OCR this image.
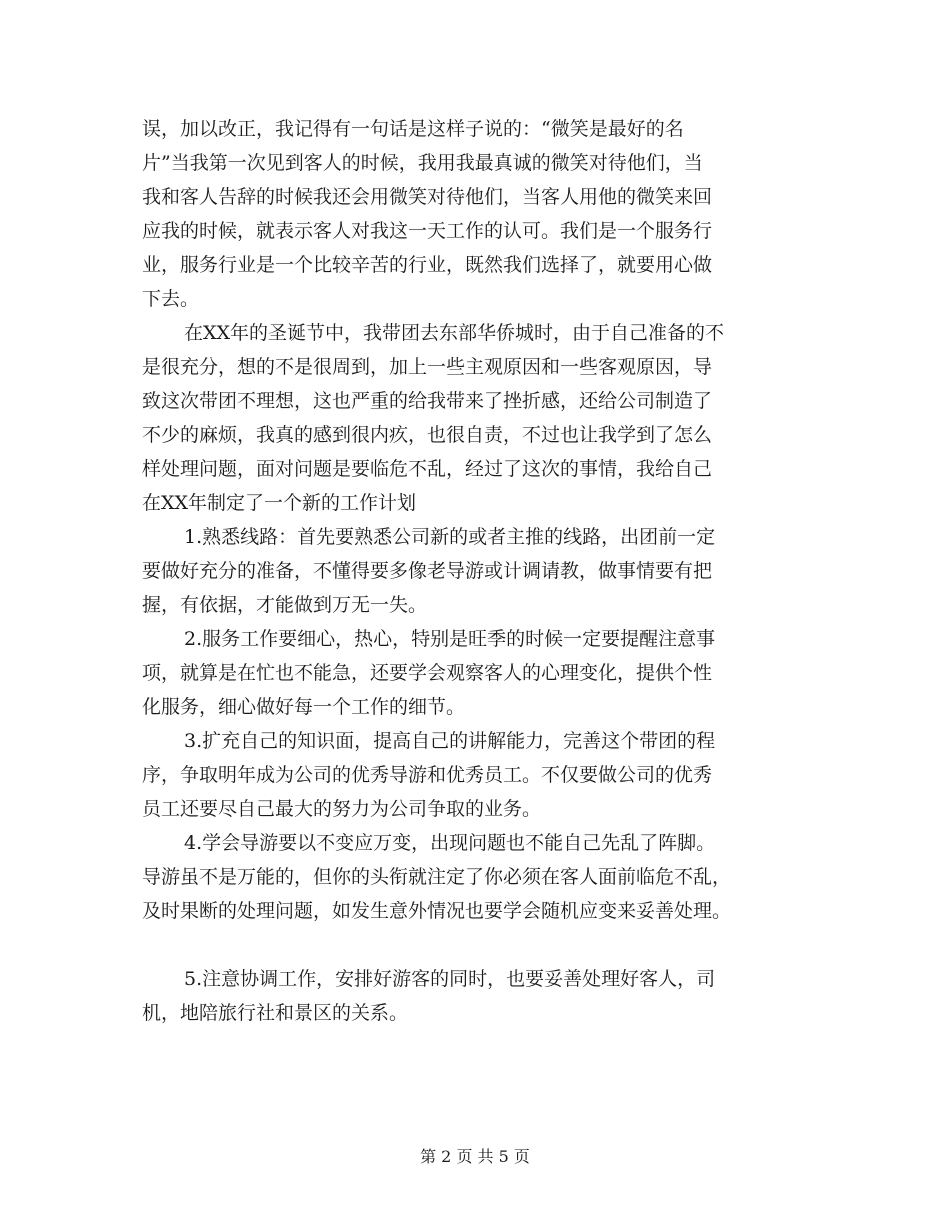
误，加以改正，我记得有一句话是这样子说的：“微笑是最好的名

片”当我第一次见到客人的时候，我用我最真诚的微笑对待他们，当

我和客人告辞的时候我还会用微笑对待他们，当客人用他的微笑来回

应我的时候，就表示客人对我这一天工作的认可。我们是一个服务行

业，服务行业是一个比较辛苦的行业，既然我们选择了，就要用心做

下去。

在XX年的圣诞节中，我带团去东部华侨城时，由于自己准备的不

是很充分，想的不是很周到，加上一些主观原因和一些客观原因，导

致这次带团不理想，这也严重的给我带来了挫折感，还给公司制造了

不少的麻烦，我真的感到很内疚，也很自责，不过也让我学到了怎么

样处理问题，面对问题是要临危不乱，经过了这次的事情，我给自己

在XX年制定了一个新的工作计划

1.熟悉线路：首先要熟悉公司新的或者主推的线路，出团前一定

要做好充分的准备，不懂得要多像老导游或计调请教，做事情要有把

握，有依据，才能做到万无一失。

2.服务工作要细心，热心，特别是旺季的时候一定要提醒注意事

项，就算是在忙也不能急，还要学会观察客人的心理变化，提供个性

化服务，细心做好每一个工作的细节。

3.扩充自己的知识面，提高自己的讲解能力，完善这个带团的程

序，争取明年成为公司的优秀导游和优秀员工。不仅要做公司的优秀

员工还要尽自己最大的努力为公司争取的业务。

4.学会导游要以不变应万变，出现问题也不能自己先乱了阵脚。

导游虽不是万能的，但你的头衔就注定了你必须在客人面前临危不乱，

及时果断的处理问题，如发生意外情况也要学会随机应变来妥善处理。

5.注意协调工作，安排好游客的同时，也要妥善处理好客人，司

机，地陪旅行社和景区的关系。

第 2 页 共 5 页
